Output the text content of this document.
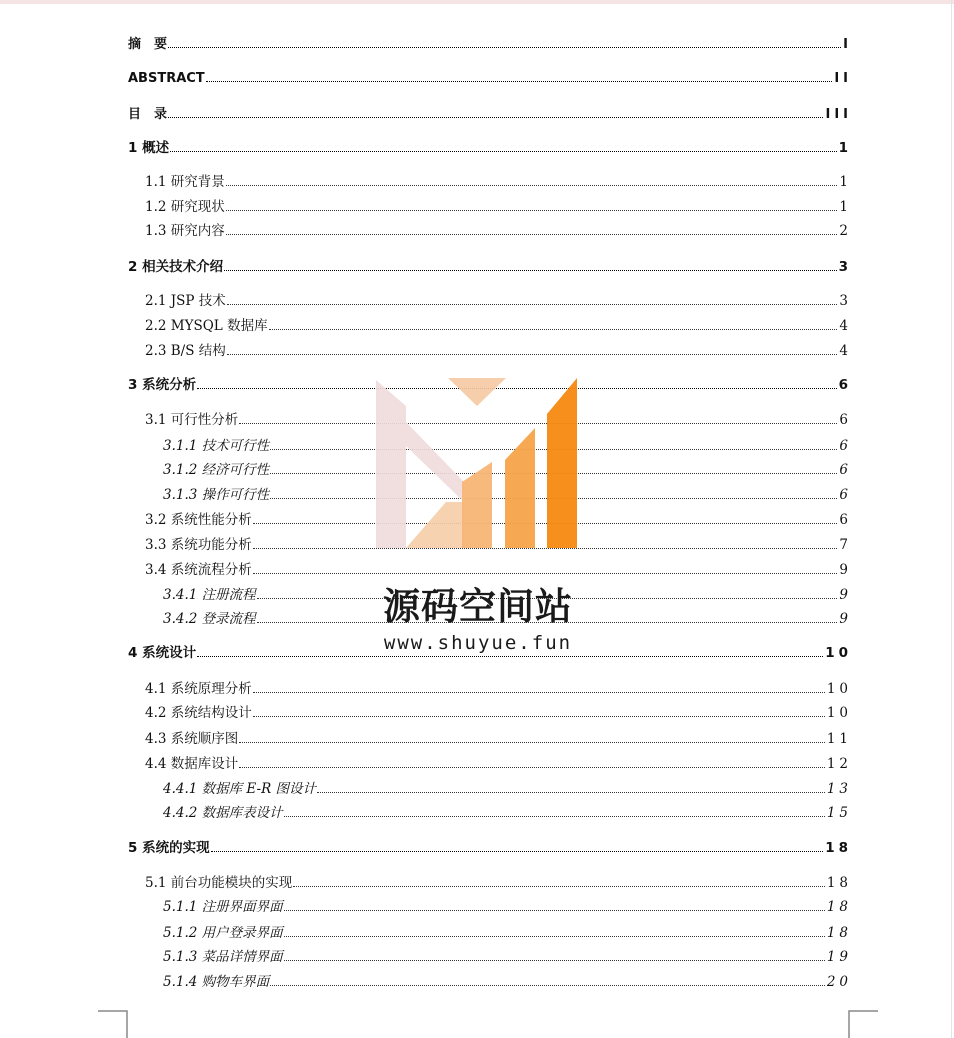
摘　要	I
ABSTRACT	II
目　录	III
1 概述	1
1.1 研究背景	1
1.2 研究现状	1
1.3 研究内容	2
2 相关技术介绍	3
2.1 JSP 技术	3
2.2 MYSQL 数据库	4
2.3 B/S 结构	4
3 系统分析	6
3.1 可行性分析	6
3.1.1 技术可行性	6
3.1.2 经济可行性	6
3.1.3 操作可行性	6
3.2 系统性能分析	6
3.3 系统功能分析	7
3.4 系统流程分析	9
3.4.1 注册流程	9
3.4.2 登录流程	9
4 系统设计	10
4.1 系统原理分析	10
4.2 系统结构设计	10
4.3 系统顺序图	11
4.4 数据库设计	12
4.4.1 数据库 E-R 图设计	13
4.4.2 数据库表设计	15
5 系统的实现	18
5.1 前台功能模块的实现	18
5.1.1 注册界面界面	18
5.1.2 用户登录界面	18
5.1.3 菜品详情界面	19
5.1.4 购物车界面	20
源码空间站
www.shuyue.fun
